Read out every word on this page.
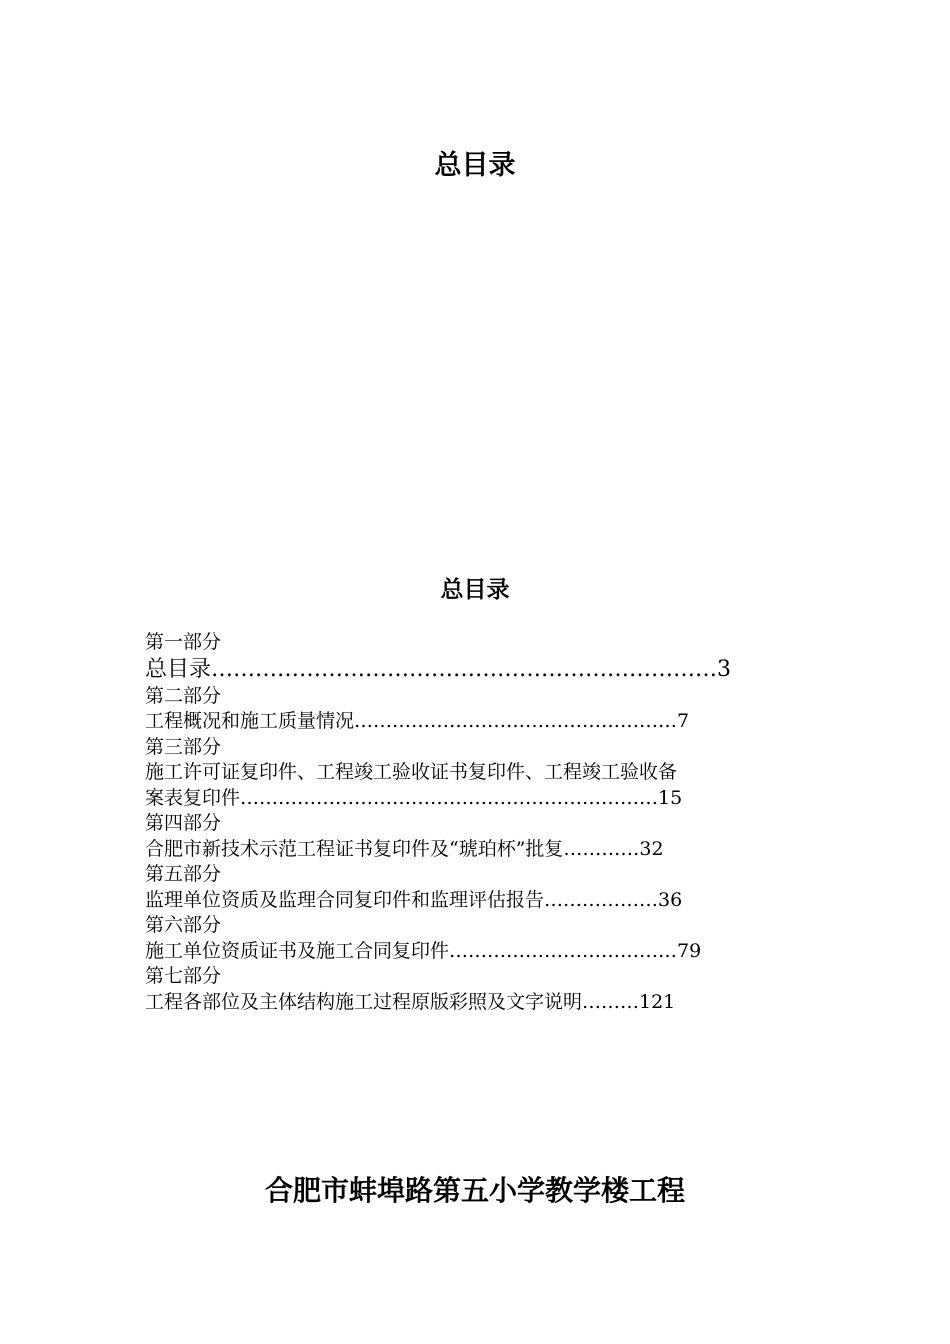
总目录
总目录
第一部分
总目录……………………………………………………………3
第二部分
工程概况和施工质量情况……………………………………………7
第三部分
施工许可证复印件、工程竣工验收证书复印件、工程竣工验收备
案表复印件…………………………………………………………15
第四部分
合肥市新技术示范工程证书复印件及“琥珀杯”批复…………32
第五部分
监理单位资质及监理合同复印件和监理评估报告………………36
第六部分
施工单位资质证书及施工合同复印件………………………………79
第七部分
工程各部位及主体结构施工过程原版彩照及文字说明………121
合肥市蚌埠路第五小学教学楼工程
